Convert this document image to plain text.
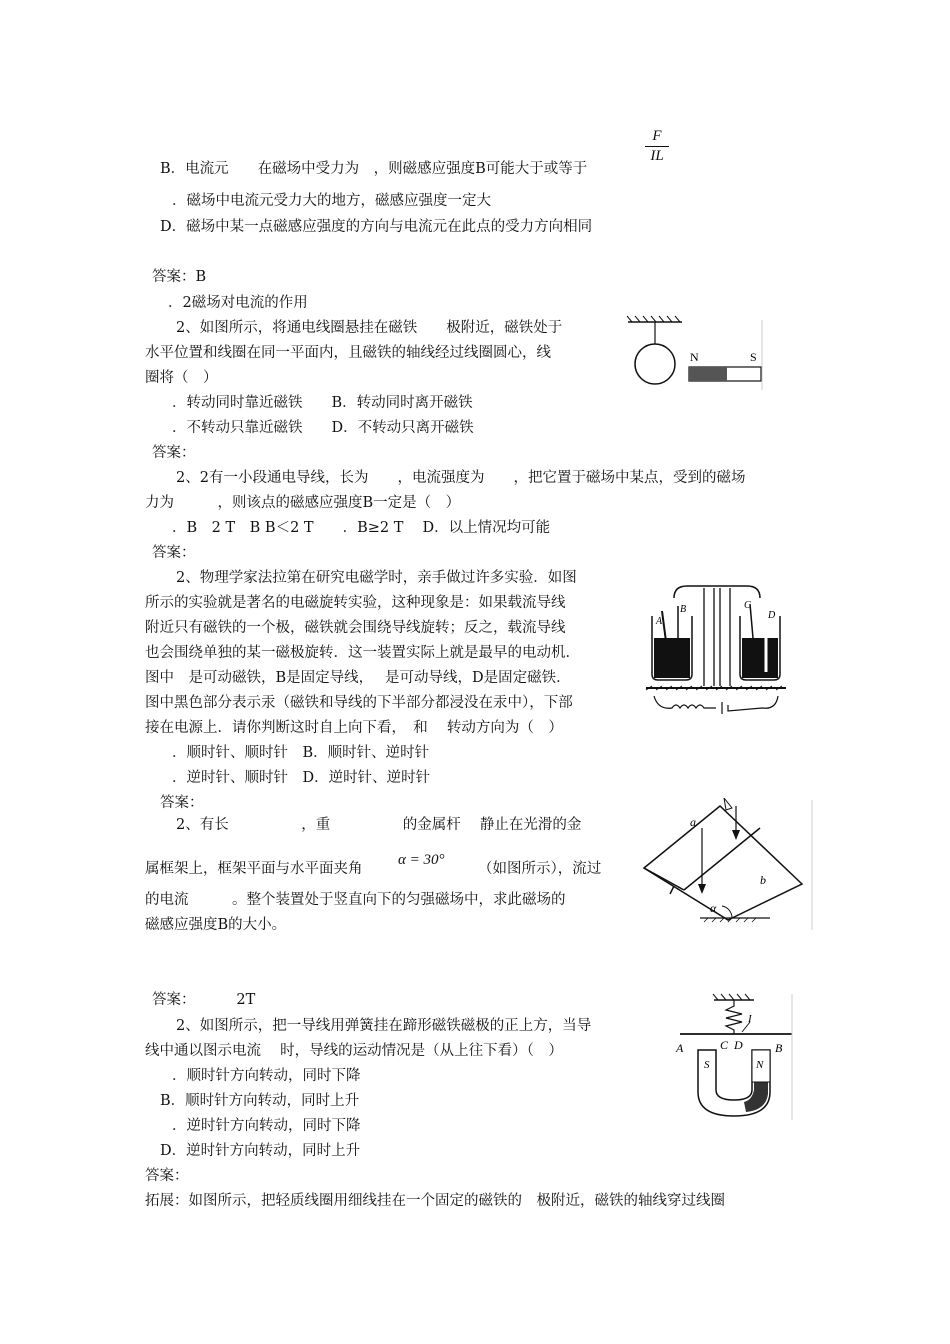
B．电流元　　在磁场中受力为　，则磁感应强度B可能大于或等于
F
IL
．磁场中电流元受力大的地方，磁感应强度一定大
D．磁场中某一点磁感应强度的方向与电流元在此点的受力方向相同
答案：B
．2磁场对电流的作用
2、如图所示，将通电线圈悬挂在磁铁　　极附近，磁铁处于
水平位置和线圈在同一平面内，且磁铁的轴线经过线圈圆心，线
圈将（　）
．转动同时靠近磁铁　　B．转动同时离开磁铁
．不转动只靠近磁铁　　D．不转动只离开磁铁
答案：
N	S
2、2有一小段通电导线，长为　　，电流强度为　　，把它置于磁场中某点，受到的磁场
力为　　　，则该点的磁感应强度B一定是（　）
．B　2 T　B B＜2 T　　．B≥2 T　 D．以上情况均可能
答案：
2、物理学家法拉第在研究电磁学时，亲手做过许多实验．如图
所示的实验就是著名的电磁旋转实验，这种现象是：如果载流导线
附近只有磁铁的一个极，磁铁就会围绕导线旋转；反之，载流导线
也会围绕单独的某一磁极旋转．这一装置实际上就是最早的电动机．
图中　是可动磁铁，B是固定导线，　 是可动导线，D是固定磁铁．
图中黑色部分表示汞（磁铁和导线的下半部分都浸没在汞中），下部
接在电源上．请你判断这时自上向下看，　和　 转动方向为（　）
．顺时针、顺时针　B．顺时针、逆时针
．逆时针、顺时针　D．逆时针、逆时针
答案：
A
B	C
D
2、有长　　　　　，重　　　　　的金属杆　 静止在光滑的金
属框架上，框架平面与水平面夹角
α = 30°
（如图所示），流过
的电流　　　。整个装置处于竖直向下的匀强磁场中，求此磁场的
磁感应强度B的大小。
答案：　　　 2T
a
b
α
2、如图所示，把一导线用弹簧挂在蹄形磁铁磁极的正上方，当导
线中通以图示电流　 时，导线的运动情况是（从上往下看）（　）
．顺时针方向转动，同时下降
B．顺时针方向转动，同时上升
．逆时针方向转动，同时下降
D．逆时针方向转动，同时上升
答案：
A	B
C D
S	N
I
拓展：如图所示，把轻质线圈用细线挂在一个固定的磁铁的　极附近，磁铁的轴线穿过线圈
